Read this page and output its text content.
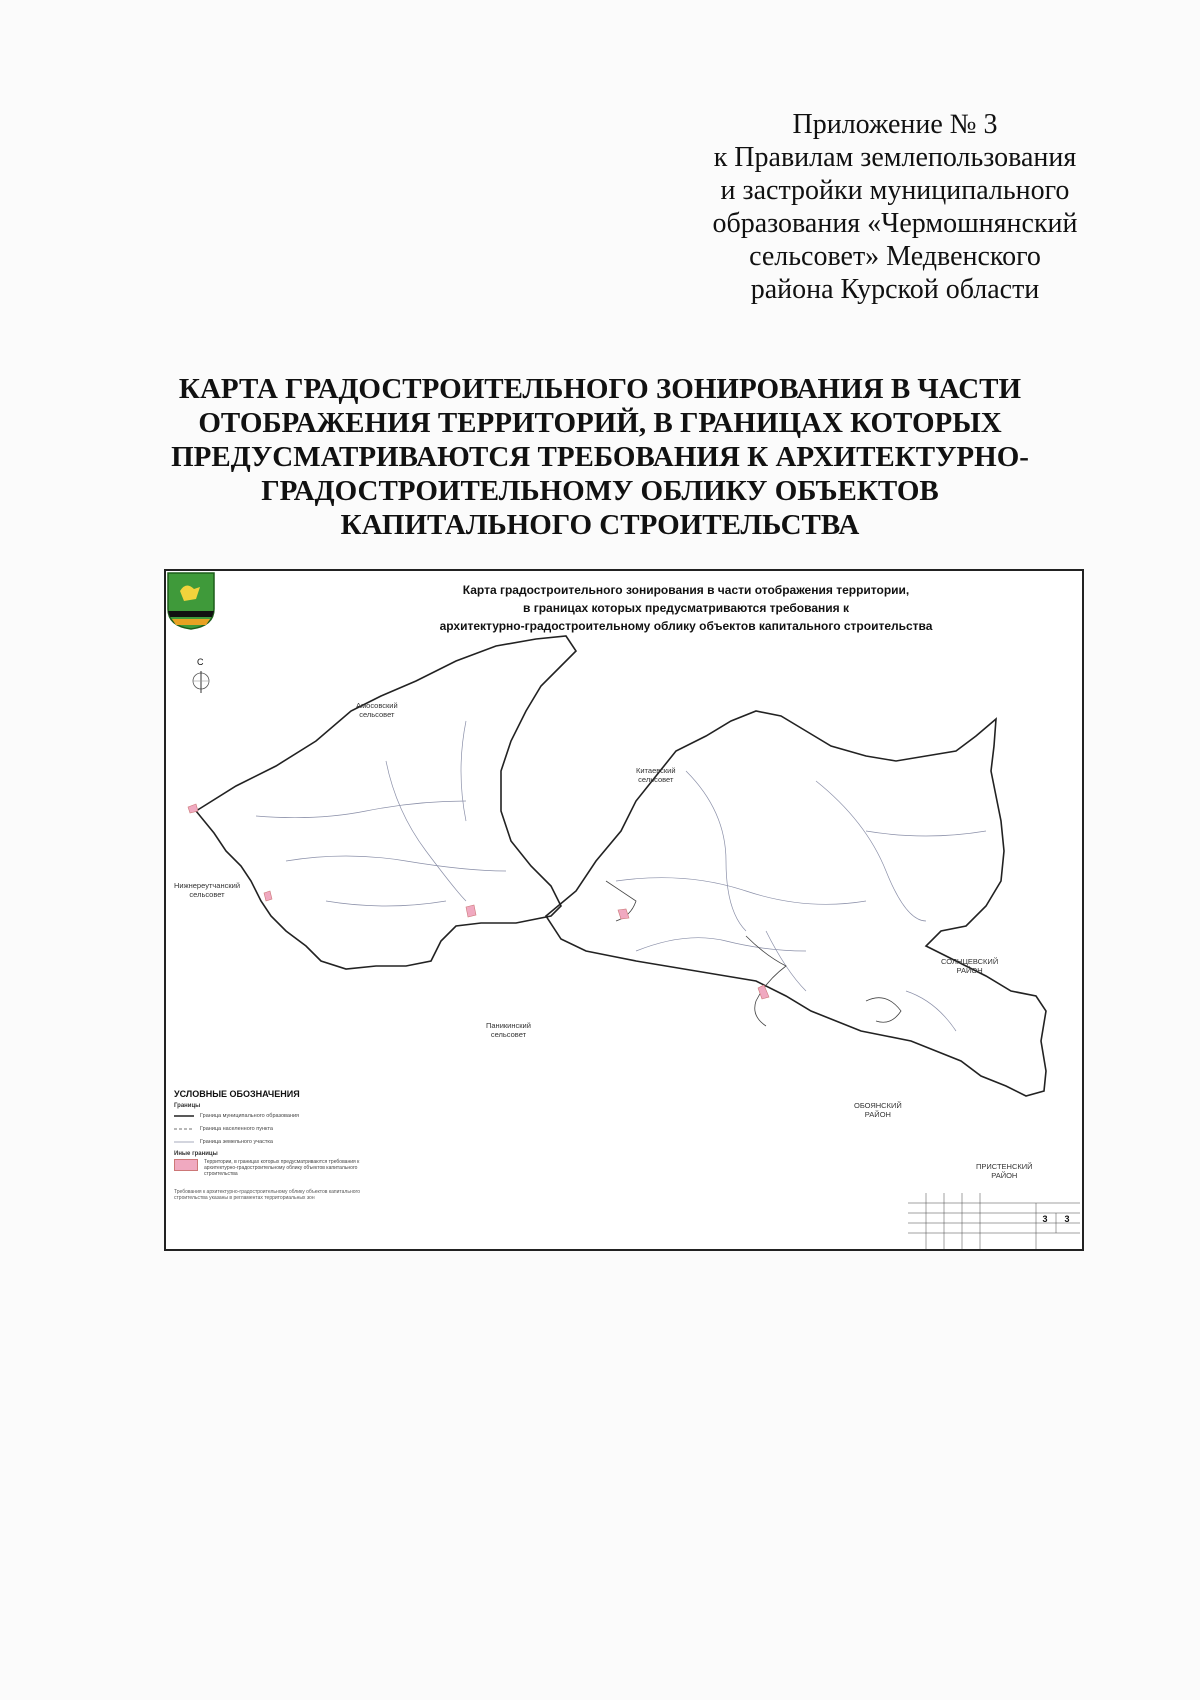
Приложение № 3
к Правилам землепользования
и застройки муниципального
образования «Чермошнянский
сельсовет» Медвенского
района Курской области
КАРТА ГРАДОСТРОИТЕЛЬНОГО ЗОНИРОВАНИЯ В ЧАСТИ
ОТОБРАЖЕНИЯ ТЕРРИТОРИЙ, В ГРАНИЦАХ КОТОРЫХ
ПРЕДУСМАТРИВАЮТСЯ ТРЕБОВАНИЯ К АРХИТЕКТУРНО-
ГРАДОСТРОИТЕЛЬНОМУ ОБЛИКУ ОБЪЕКТОВ
КАПИТАЛЬНОГО СТРОИТЕЛЬСТВА
С
Карта градостроительного зонирования в части отображения территории,
в границах которых предусматриваются требования к
архитектурно-градостроительному облику объектов капитального строительства
Амосовский
сельсовет
Китаевский
сельсовет
Нижнереутчанский
сельсовет
Паникинский
сельсовет
СОЛНЦЕВСКИЙ
РАЙОН
ОБОЯНСКИЙ
РАЙОН
ПРИСТЕНСКИЙ
РАЙОН
УСЛОВНЫЕ ОБОЗНАЧЕНИЯ
Границы
Граница муниципального образования
Граница населенного пункта
Граница земельного участка
Иные границы
Территории, в границах которых предусматриваются требования к архитектурно-градостроительному облику объектов капитального строительства
Требования к архитектурно-градостроительному облику объектов капитального строительства указаны в регламентах территориальных зон
3	3
